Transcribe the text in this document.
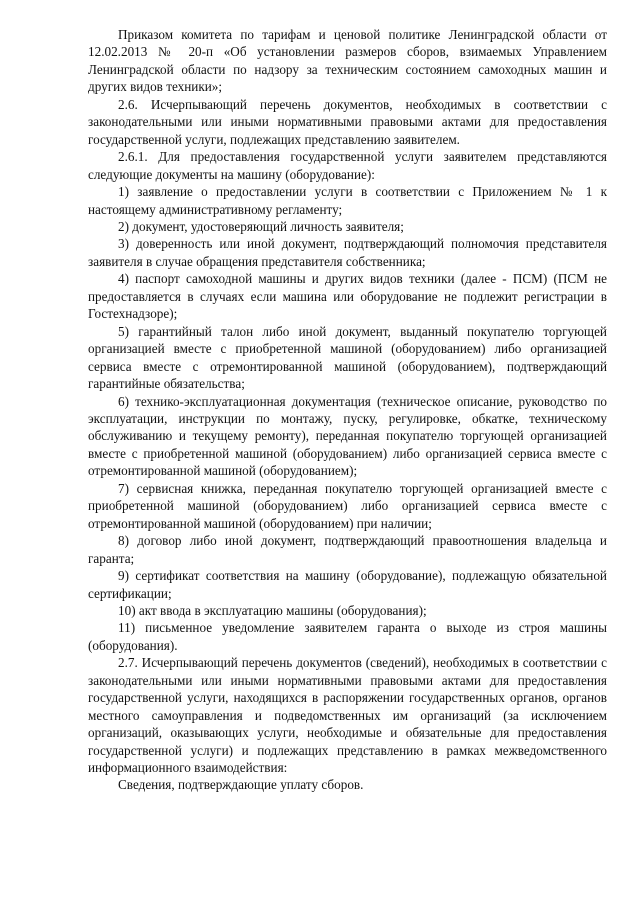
Приказом комитета по тарифам и ценовой политике Ленинградской области от 12.02.2013 № 20-п «Об установлении размеров сборов, взимаемых Управлением Ленинградской области по надзору за техническим состоянием самоходных машин и других видов техники»;

2.6. Исчерпывающий перечень документов, необходимых в соответствии с законодательными или иными нормативными правовыми актами для предоставления государственной услуги, подлежащих представлению заявителем.

2.6.1. Для предоставления государственной услуги заявителем представляются следующие документы на машину (оборудование):

1) заявление о предоставлении услуги в соответствии с Приложением № 1 к настоящему административному регламенту;

2) документ, удостоверяющий личность заявителя;

3) доверенность или иной документ, подтверждающий полномочия представителя заявителя в случае обращения представителя собственника;

4) паспорт самоходной машины и других видов техники (далее - ПСМ) (ПСМ не предоставляется в случаях если машина или оборудование не подлежит регистрации в Гостехнадзоре);

5) гарантийный талон либо иной документ, выданный покупателю торгующей организацией вместе с приобретенной машиной (оборудованием) либо организацией сервиса вместе с отремонтированной машиной (оборудованием), подтверждающий гарантийные обязательства;

6) технико-эксплуатационная документация (техническое описание, руководство по эксплуатации, инструкции по монтажу, пуску, регулировке, обкатке, техническому обслуживанию и текущему ремонту), переданная покупателю торгующей организацией вместе с приобретенной машиной (оборудованием) либо организацией сервиса вместе с отремонтированной машиной (оборудованием);

7) сервисная книжка, переданная покупателю торгующей организацией вместе с приобретенной машиной (оборудованием) либо организацией сервиса вместе с отремонтированной машиной (оборудованием) при наличии;

8) договор либо иной документ, подтверждающий правоотношения владельца и гаранта;

9) сертификат соответствия на машину (оборудование), подлежащую обязательной сертификации;

10) акт ввода в эксплуатацию машины (оборудования);

11) письменное уведомление заявителем гаранта о выходе из строя машины (оборудования).

2.7. Исчерпывающий перечень документов (сведений), необходимых в соответствии с законодательными или иными нормативными правовыми актами для предоставления государственной услуги, находящихся в распоряжении государственных органов, органов местного самоуправления и подведомственных им организаций (за исключением организаций, оказывающих услуги, необходимые и обязательные для предоставления государственной услуги) и подлежащих представлению в рамках межведомственного информационного взаимодействия:

Сведения, подтверждающие уплату сборов.
